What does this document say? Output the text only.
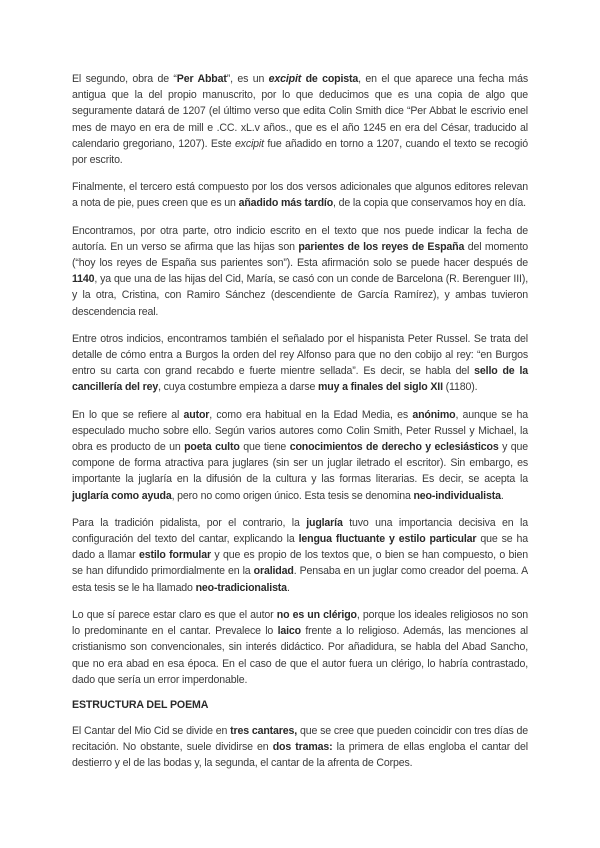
El segundo, obra de “Per Abbat”, es un excipit de copista, en el que aparece una fecha más antigua que la del propio manuscrito, por lo que deducimos que es una copia de algo que seguramente datará de 1207 (el último verso que edita Colin Smith dice “Per Abbat le escrivio enel mes de mayo en era de mill e .CC. xL.v años., que es el año 1245 en era del César, traducido al calendario gregoriano, 1207). Este excipit fue añadido en torno a 1207, cuando el texto se recogió por escrito.

Finalmente, el tercero está compuesto por los dos versos adicionales que algunos editores relevan a nota de pie, pues creen que es un añadido más tardío, de la copia que conservamos hoy en día.

Encontramos, por otra parte, otro indicio escrito en el texto que nos puede indicar la fecha de autoría. En un verso se afirma que las hijas son parientes de los reyes de España del momento (“hoy los reyes de España sus parientes son”). Esta afirmación solo se puede hacer después de 1140, ya que una de las hijas del Cid, María, se casó con un conde de Barcelona (R. Berenguer III), y la otra, Cristina, con Ramiro Sánchez (descendiente de García Ramírez), y ambas tuvieron descendencia real.

Entre otros indicios, encontramos también el señalado por el hispanista Peter Russel. Se trata del detalle de cómo entra a Burgos la orden del rey Alfonso para que no den cobijo al rey: “en Burgos entro su carta con grand recabdo e fuerte mientre sellada”. Es decir, se habla del sello de la cancillería del rey, cuya costumbre empieza a darse muy a finales del siglo XII (1180).

En lo que se refiere al autor, como era habitual en la Edad Media, es anónimo, aunque se ha especulado mucho sobre ello. Según varios autores como Colin Smith, Peter Russel y Michael, la obra es producto de un poeta culto que tiene conocimientos de derecho y eclesiásticos y que compone de forma atractiva para juglares (sin ser un juglar iletrado el escritor). Sin embargo, es importante la juglaría en la difusión de la cultura y las formas literarias. Es decir, se acepta la juglaría como ayuda, pero no como origen único. Esta tesis se denomina neo-individualista.

Para la tradición pidalista, por el contrario, la juglaría tuvo una importancia decisiva en la configuración del texto del cantar, explicando la lengua fluctuante y estilo particular que se ha dado a llamar estilo formular y que es propio de los textos que, o bien se han compuesto, o bien se han difundido primordialmente en la oralidad. Pensaba en un juglar como creador del poema. A esta tesis se le ha llamado neo-tradicionalista.

Lo que sí parece estar claro es que el autor no es un clérigo, porque los ideales religiosos no son lo predominante en el cantar. Prevalece lo laico frente a lo religioso. Además, las menciones al cristianismo son convencionales, sin interés didáctico. Por añadidura, se habla del Abad Sancho, que no era abad en esa época. En el caso de que el autor fuera un clérigo, lo habría contrastado, dado que sería un error imperdonable.

ESTRUCTURA DEL POEMA

El Cantar del Mio Cid se divide en tres cantares, que se cree que pueden coincidir con tres días de recitación. No obstante, suele dividirse en dos tramas: la primera de ellas engloba el cantar del destierro y el de las bodas y, la segunda, el cantar de la afrenta de Corpes.
